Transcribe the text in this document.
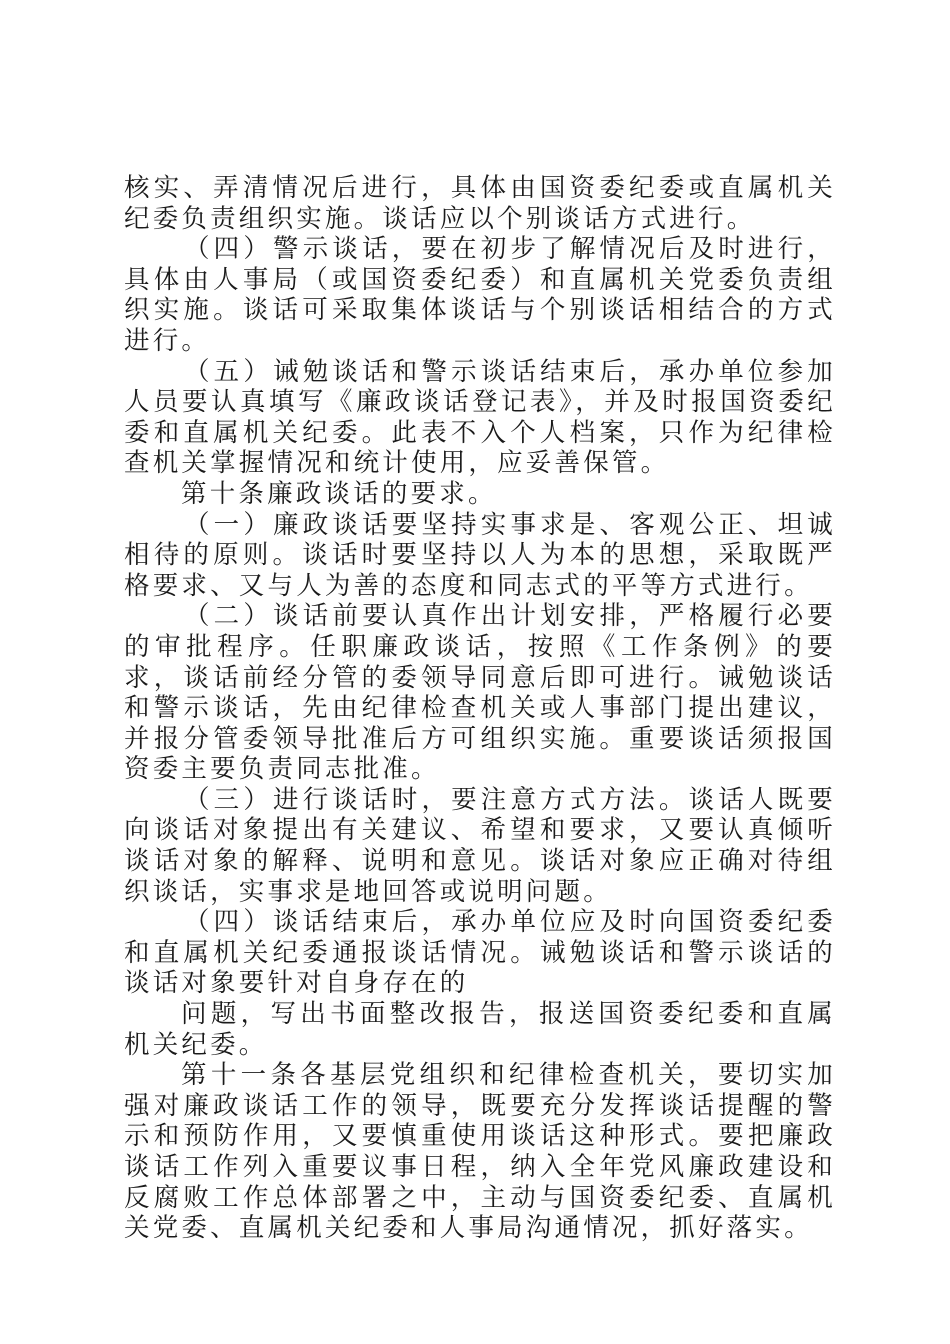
核实、弄清情况后进行，具体由国资委纪委或直属机关纪委负责组织实施。谈话应以个别谈话方式进行。

（四）警示谈话，要在初步了解情况后及时进行，具体由人事局（或国资委纪委）和直属机关党委负责组织实施。谈话可采取集体谈话与个别谈话相结合的方式进行。

（五）诫勉谈话和警示谈话结束后，承办单位参加人员要认真填写《廉政谈话登记表》，并及时报国资委纪委和直属机关纪委。此表不入个人档案，只作为纪律检查机关掌握情况和统计使用，应妥善保管。

第十条廉政谈话的要求。

（一）廉政谈话要坚持实事求是、客观公正、坦诚相待的原则。谈话时要坚持以人为本的思想，采取既严格要求、又与人为善的态度和同志式的平等方式进行。

（二）谈话前要认真作出计划安排，严格履行必要的审批程序。任职廉政谈话，按照《工作条例》的要求，谈话前经分管的委领导同意后即可进行。诫勉谈话和警示谈话，先由纪律检查机关或人事部门提出建议，并报分管委领导批准后方可组织实施。重要谈话须报国资委主要负责同志批准。

（三）进行谈话时，要注意方式方法。谈话人既要向谈话对象提出有关建议、希望和要求，又要认真倾听谈话对象的解释、说明和意见。谈话对象应正确对待组织谈话，实事求是地回答或说明问题。

（四）谈话结束后，承办单位应及时向国资委纪委和直属机关纪委通报谈话情况。诫勉谈话和警示谈话的谈话对象要针对自身存在的

问题，写出书面整改报告，报送国资委纪委和直属机关纪委。

第十一条各基层党组织和纪律检查机关，要切实加强对廉政谈话工作的领导，既要充分发挥谈话提醒的警示和预防作用，又要慎重使用谈话这种形式。要把廉政谈话工作列入重要议事日程，纳入全年党风廉政建设和反腐败工作总体部署之中，主动与国资委纪委、直属机关党委、直属机关纪委和人事局沟通情况，抓好落实。
